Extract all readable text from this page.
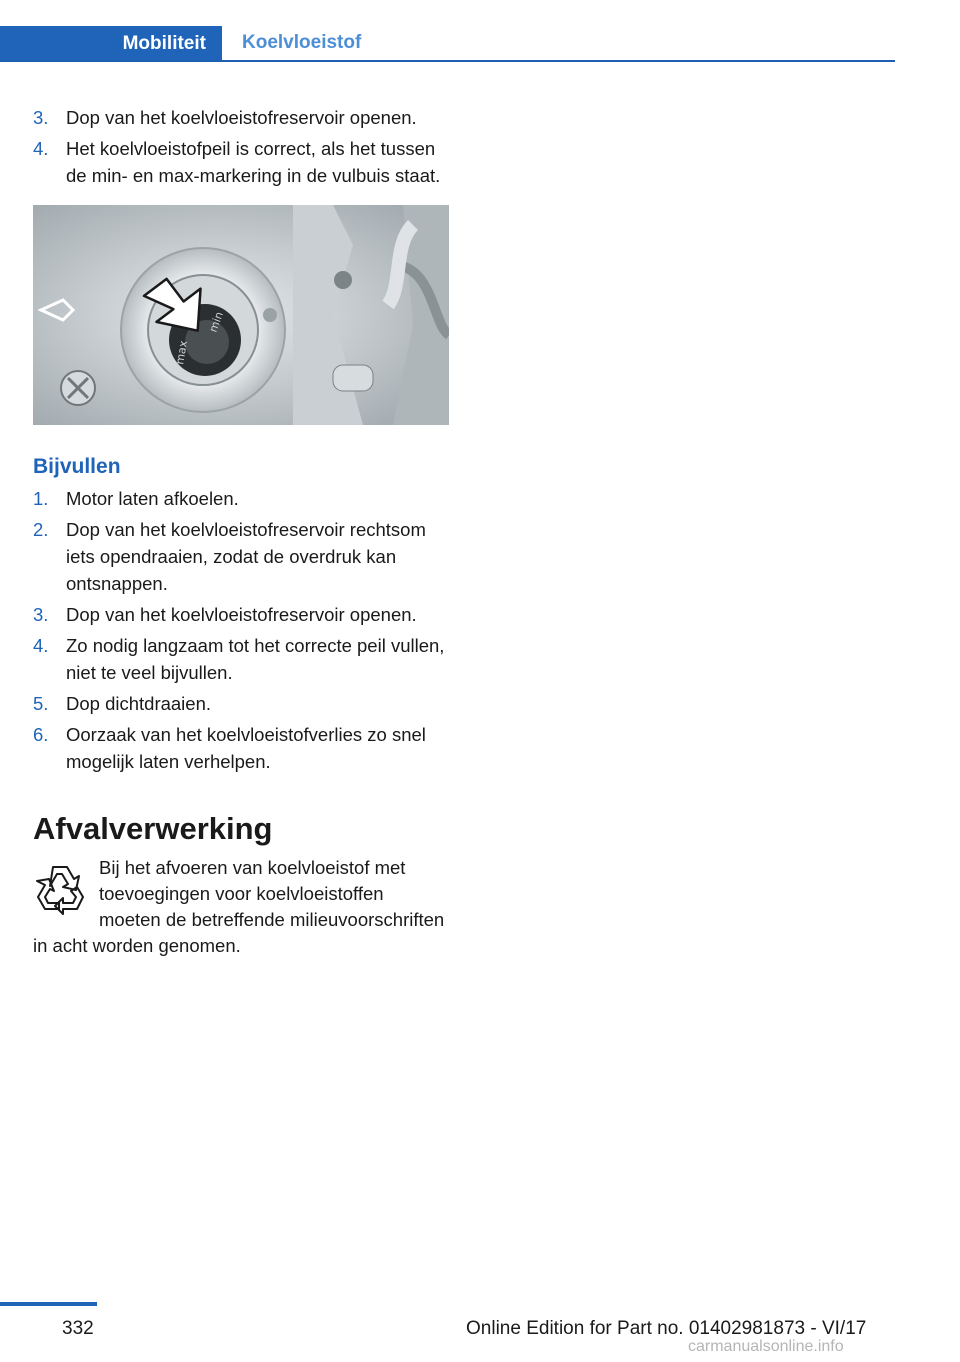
Mobiliteit	Koelvloeistof
3. Dop van het koelvloeistofreservoir openen.
4. Het koelvloeistofpeil is correct, als het tussen de min- en max-markering in de vulbuis staat.
min
max
Bijvullen
1. Motor laten afkoelen.
2. Dop van het koelvloeistofreservoir rechtsom iets opendraaien, zodat de overdruk kan ontsnappen.
3. Dop van het koelvloeistofreservoir openen.
4. Zo nodig langzaam tot het correcte peil vullen, niet te veel bijvullen.
5. Dop dichtdraaien.
6. Oorzaak van het koelvloeistofverlies zo snel mogelijk laten verhelpen.
Afvalverwerking
Bij het afvoeren van koelvloeistof met toevoegingen voor koelvloeistoffen moeten de betreffende milieuvoorschriften in acht worden genomen.
332	Online Edition for Part no. 01402981873 - VI/17
carmanualsonline.info
